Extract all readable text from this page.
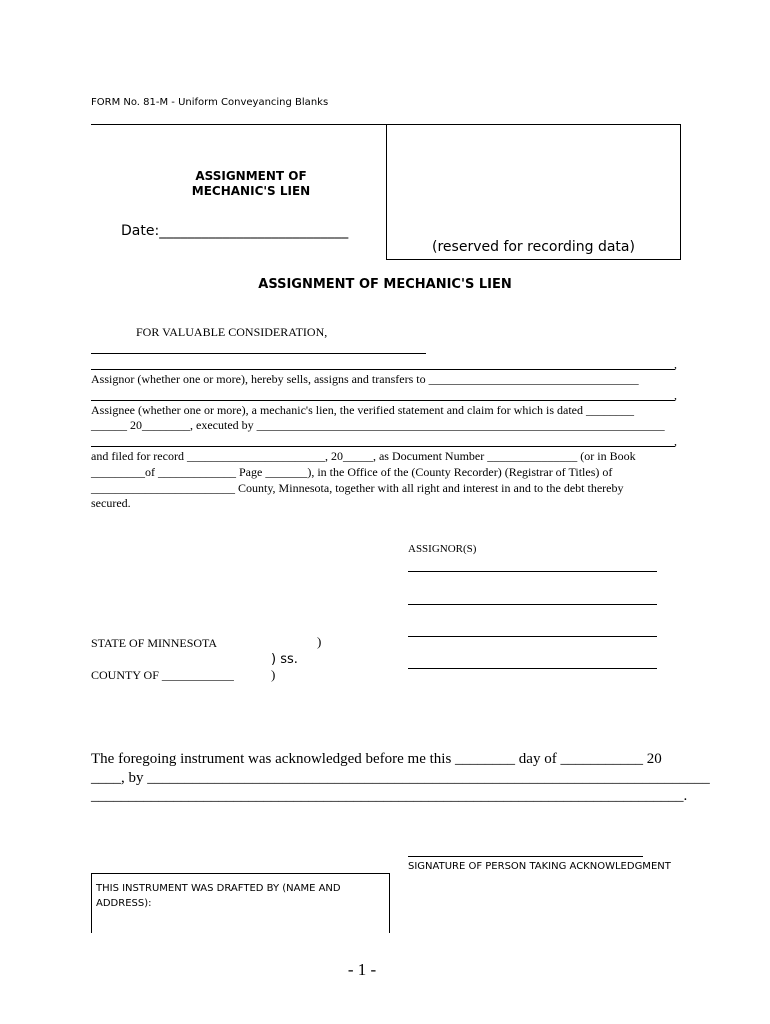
FORM No. 81-M - Uniform Conveyancing Blanks
ASSIGNMENT OF
MECHANIC'S LIEN
Date:___________________________
(reserved for recording data)
ASSIGNMENT OF MECHANIC'S LIEN
FOR VALUABLE CONSIDERATION,
,
Assignor (whether one or more), hereby sells, assigns and transfers to ___________________________________
,
Assignee (whether one or more), a mechanic's lien, the verified statement and claim for which is dated ________
______ 20________, executed by ____________________________________________________________________
,
and filed for record _______________________, 20_____, as Document Number _______________ (or in Book
_________of _____________ Page _______), in the Office of the (County Recorder) (Registrar of Titles) of
________________________ County, Minnesota, together with all right and interest in and to the debt thereby
secured.
ASSIGNOR(S)
STATE OF MINNESOTA	)
) ss.
COUNTY OF ____________	)
The foregoing instrument was acknowledged before me this ________ day of ___________ 20
____, by ___________________________________________________________________________
_______________________________________________________________________________.
SIGNATURE OF PERSON TAKING ACKNOWLEDGMENT
THIS INSTRUMENT WAS DRAFTED BY (NAME AND
ADDRESS):
- 1 -
